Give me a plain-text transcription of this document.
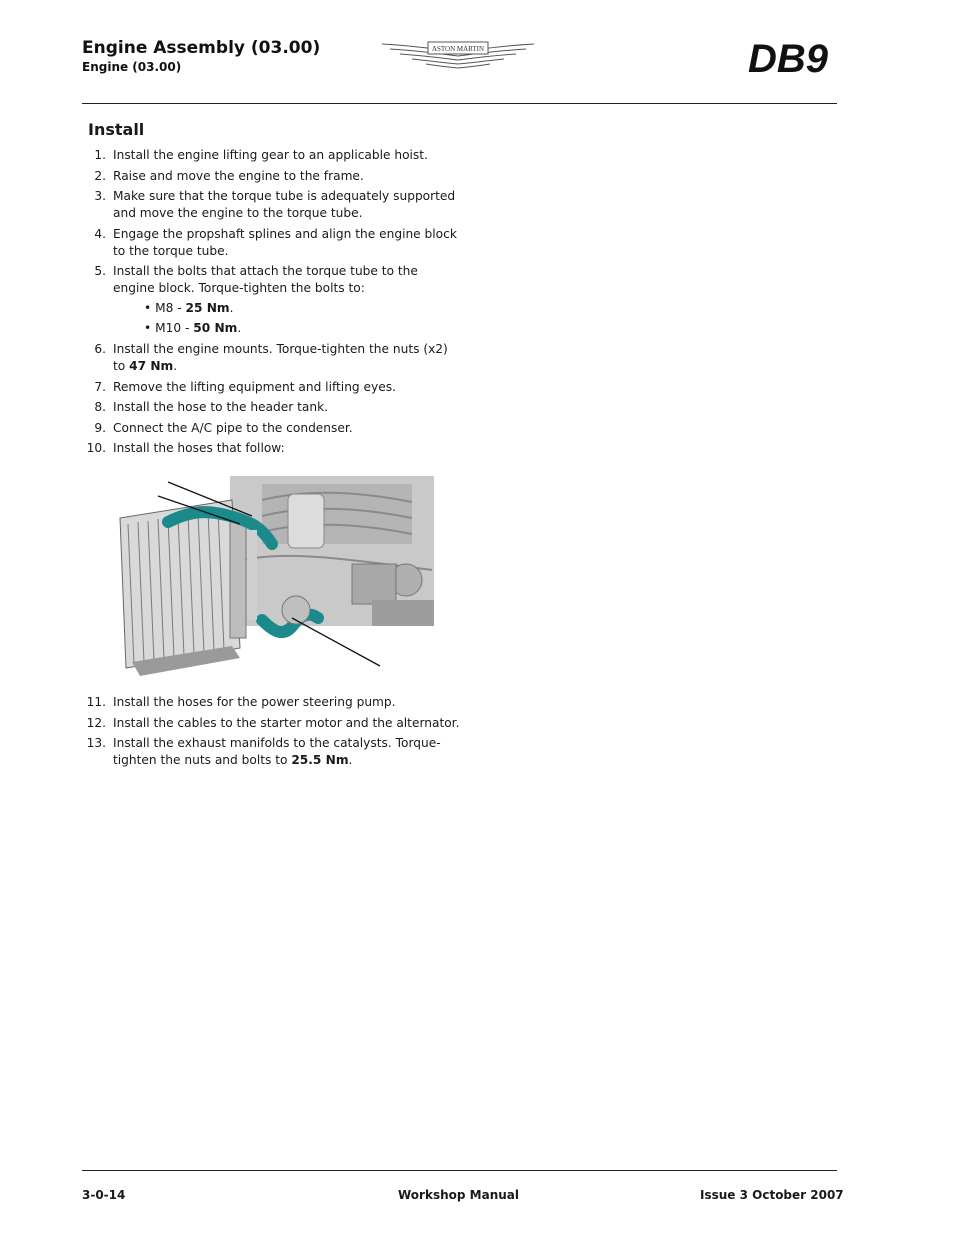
Engine Assembly (03.00)
Engine (03.00)
ASTON MARTIN	DB9
Install
1. Install the engine lifting gear to an applicable hoist.
2. Raise and move the engine to the frame.
3. Make sure that the torque tube is adequately supported and move the engine to the torque tube.
4. Engage the propshaft splines and align the engine block to the torque tube.
5. Install the bolts that attach the torque tube to the engine block. Torque-tighten the bolts to:
• M8 - 25 Nm.
• M10 - 50 Nm.
6. Install the engine mounts. Torque-tighten the nuts (x2) to 47 Nm.
7. Remove the lifting equipment and lifting eyes.
8. Install the hose to the header tank.
9. Connect the A/C pipe to the condenser.
10. Install the hoses that follow:
11. Install the hoses for the power steering pump.
12. Install the cables to the starter motor and the alternator.
13. Install the exhaust manifolds to the catalysts. Torque-tighten the nuts and bolts to 25.5 Nm.
3-0-14	Workshop Manual	Issue 3 October 2007
